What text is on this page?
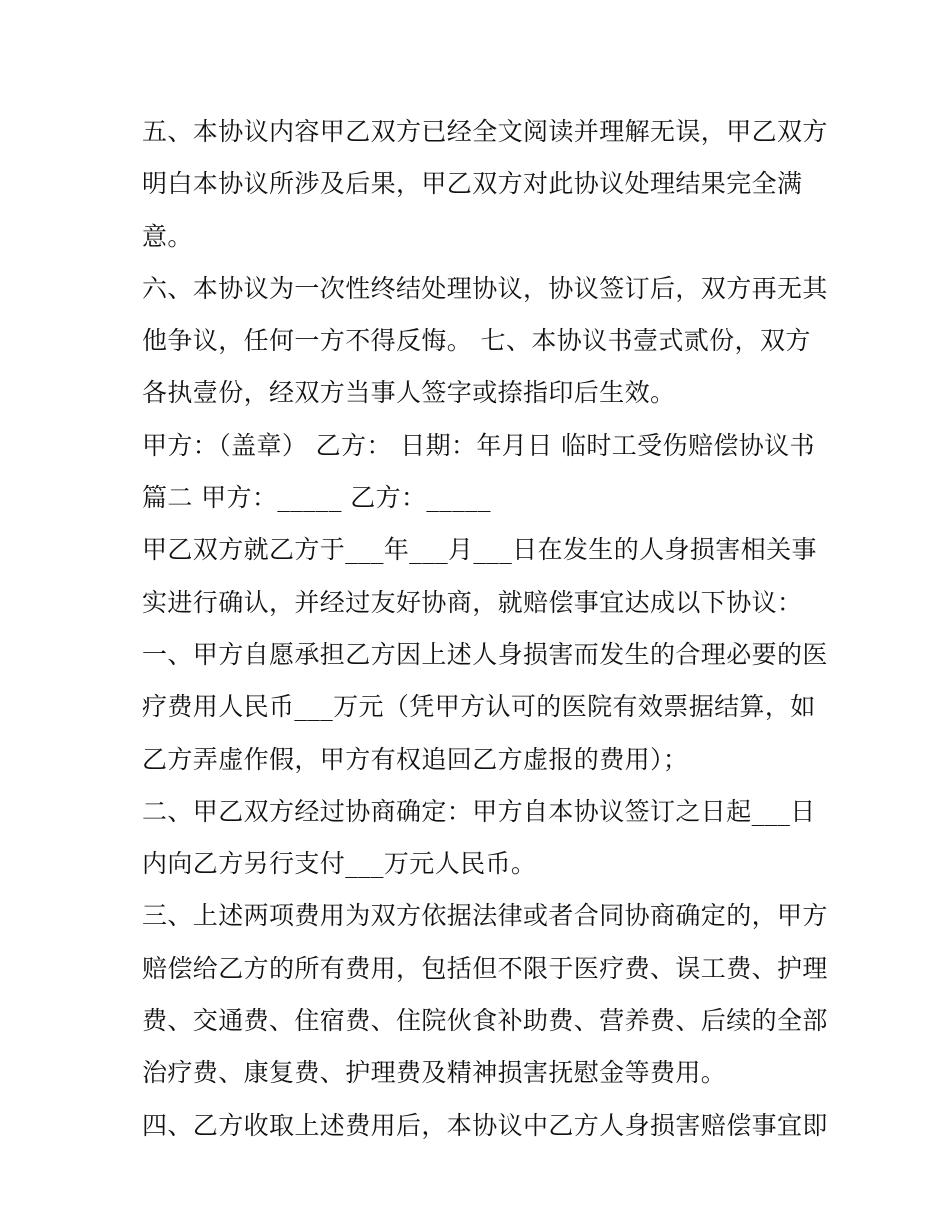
五、本协议内容甲乙双方已经全文阅读并理解无误，甲乙双方
明白本协议所涉及后果，甲乙双方对此协议处理结果完全满
意。
六、本协议为一次性终结处理协议，协议签订后，双方再无其
他争议，任何一方不得反悔。 七、本协议书壹式贰份，双方
各执壹份，经双方当事人签字或捺指印后生效。
甲方：（盖章） 乙方： 日期：年月日 临时工受伤赔偿协议书
篇二 甲方：_____ 乙方：_____
甲乙双方就乙方于___年___月___日在发生的人身损害相关事
实进行确认，并经过友好协商，就赔偿事宜达成以下协议：
一、甲方自愿承担乙方因上述人身损害而发生的合理必要的医
疗费用人民币___万元（凭甲方认可的医院有效票据结算，如
乙方弄虚作假，甲方有权追回乙方虚报的费用）；
二、甲乙双方经过协商确定：甲方自本协议签订之日起___日
内向乙方另行支付___万元人民币。
三、上述两项费用为双方依据法律或者合同协商确定的，甲方
赔偿给乙方的所有费用，包括但不限于医疗费、误工费、护理
费、交通费、住宿费、住院伙食补助费、营养费、后续的全部
治疗费、康复费、护理费及精神损害抚慰金等费用。
四、乙方收取上述费用后，本协议中乙方人身损害赔偿事宜即
